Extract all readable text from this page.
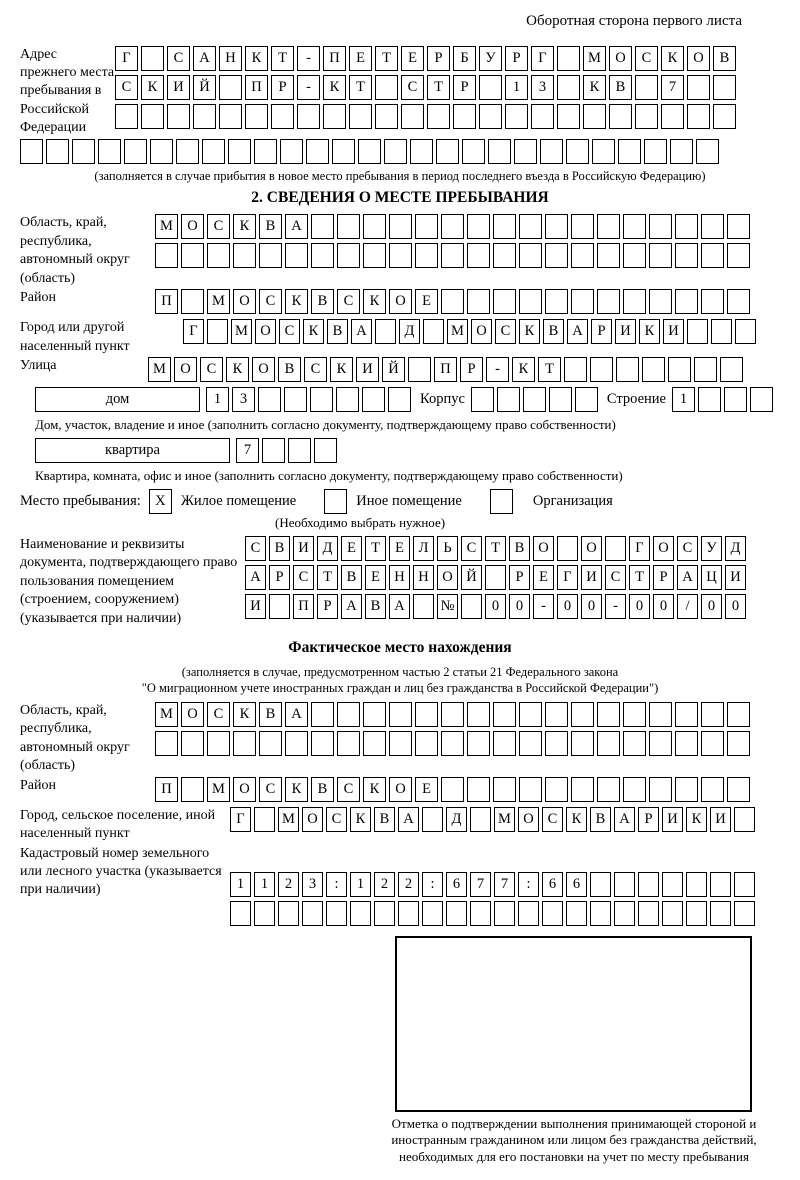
Оборотная сторона первого листа
Адрес прежнего места пребывания в Российской Федерации
Г	С А Н К Т - П Е Т Е Р Б У Р Г	М О С К О В
С К И Й	П Р - К Т	С Т Р	1 3	К В	7
(заполняется в случае прибытия в новое место пребывания в период последнего въезда в Российскую Федерацию)
2. СВЕДЕНИЯ О МЕСТЕ ПРЕБЫВАНИЯ
Область, край, республика, автономный округ (область)
М О С К В А
Район	П	М О С К В С К О Е
Город или другой населенный пункт
Г	М О С К В А	Д	М О С К В А Р И К И
Улица	М О С К О В С К И Й	П Р - К Т
дом	1 3	Корпус	Строение 1
Дом, участок, владение и иное (заполнить согласно документу, подтверждающему право собственности)
квартира	7
Квартира, комната, офис и иное (заполнить согласно документу, подтверждающему право собственности)
Место пребывания: X	Жилое помещение	Иное помещение	Организация
(Необходимо выбрать нужное)
Наименование и реквизиты документа, подтверждающего право пользования помещением (строением, сооружением) (указывается при наличии)
С В И Д Е Т Е Л Ь С Т В О	О	Г О С У Д
А Р С Т В Е Н Н О Й	Р Е Г И С Т Р А Ц И
И	П Р А В А №	0 0 - 0 0 - 0 0 / 0 0
Фактическое место нахождения
(заполняется в случае, предусмотренном частью 2 статьи 21 Федерального закона
"О миграционном учете иностранных граждан и лиц без гражданства в Российской Федерации")
Область, край, республика, автономный округ (область)
М О С К В А
Район	П	М О С К В С К О Е
Город, сельское поселение, иной населенный пункт
Г	М О С К В А	Д	М О С К В А Р И К И
Кадастровый номер земельного или лесного участка (указывается при наличии)	1 1 2 3 : 1 2 2 : 6 7 7 : 6 6
Отметка о подтверждении выполнения принимающей стороной и иностранным гражданином или лицом без гражданства действий, необходимых для его постановки на учет по месту пребывания
